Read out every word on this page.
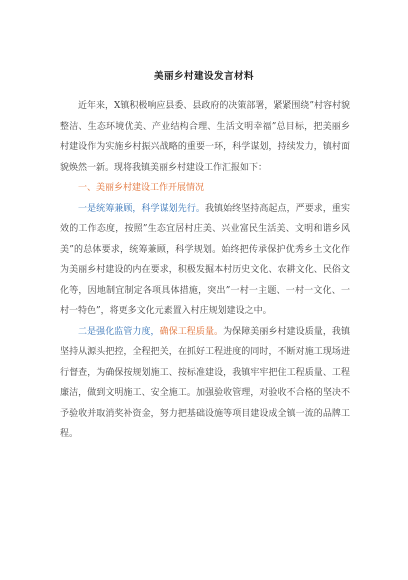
美丽乡村建设发言材料

近年来，X镇积极响应县委、县政府的决策部署，紧紧围绕”村容村貌整洁、生态环境优美、产业结构合理、生活文明幸福”总目标，把美丽乡村建设作为实施乡村振兴战略的重要一环，科学谋划，持续发力，镇村面貌焕然一新。现将我镇美丽乡村建设工作汇报如下：

一、美丽乡村建设工作开展情况

一是统筹兼顾，科学谋划先行。我镇始终坚持高起点，严要求，重实效的工作态度，按照”生态宜居村庄美、兴业富民生活美、文明和谐乡风美”的总体要求，统筹兼顾，科学规划。始终把传承保护优秀乡土文化作为美丽乡村建设的内在要求，积极发掘本村历史文化、农耕文化、民俗文化等，因地制宜制定各项具体措施，突出”一村一主题、一村一文化、一村一特色”，将更多文化元素置入村庄规划建设之中。

二是强化监管力度，确保工程质量。为保障美丽乡村建设质量，我镇坚持从源头把控，全程把关，在抓好工程进度的同时，不断对施工现场进行督查，为确保按规划施工、按标准建设，我镇牢牢把住工程质量、工程廉洁，做到文明施工、安全施工。加强验收管理，对验收不合格的坚决不予验收并取消奖补资金，努力把基础设施等项目建设成全镇一流的品牌工程。
